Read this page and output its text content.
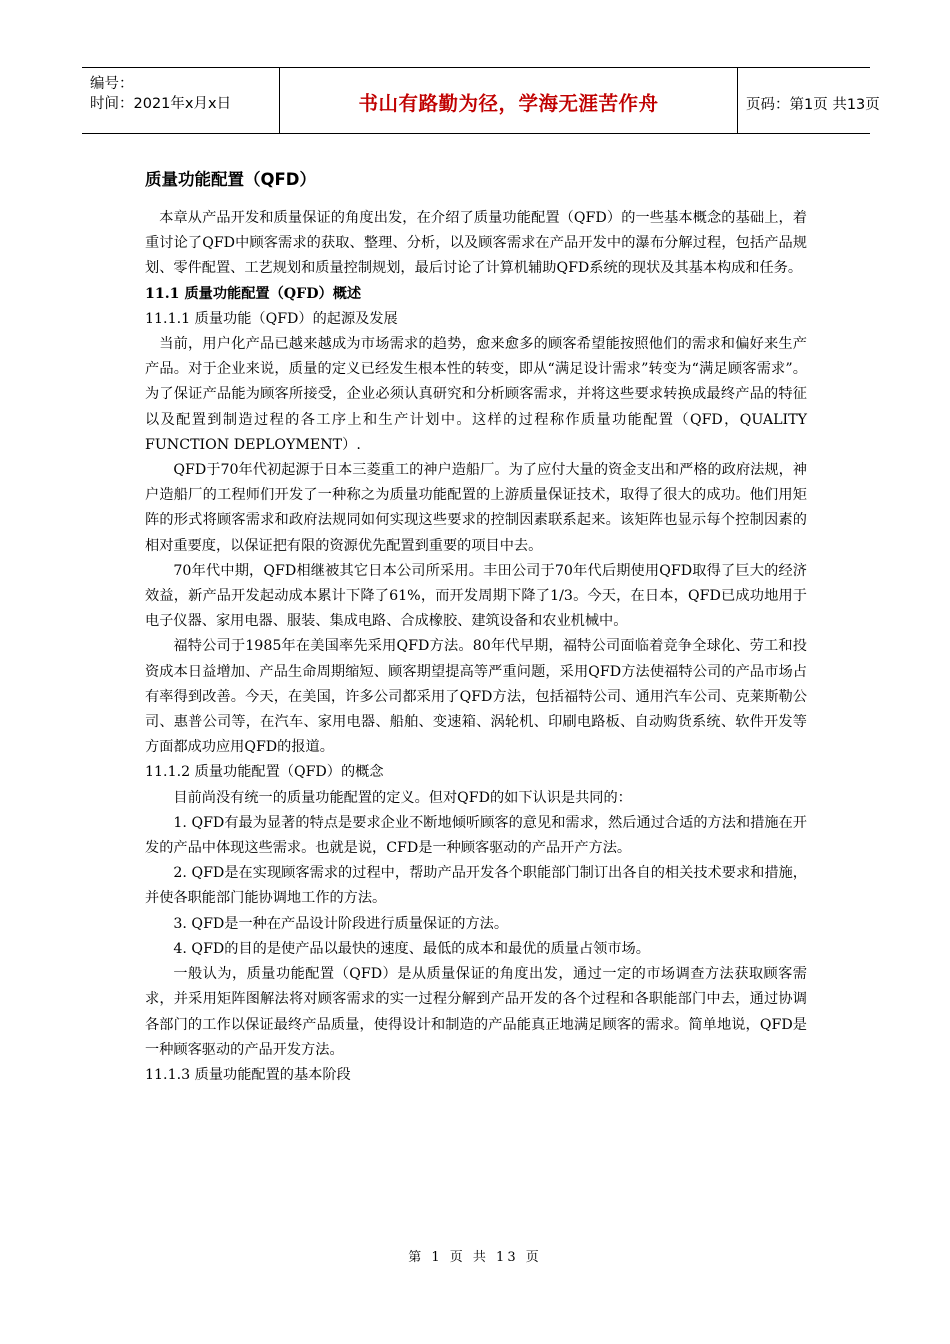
编号：
时间：2021年x月x日	书山有路勤为径，学海无涯苦作舟	页码：第1页 共13页
质量功能配置（QFD）

本章从产品开发和质量保证的角度出发，在介绍了质量功能配置（QFD）的一些基本概念的基础上，着重讨论了QFD中顾客需求的获取、整理、分析，以及顾客需求在产品开发中的瀑布分解过程，包括产品规划、零件配置、工艺规划和质量控制规划，最后讨论了计算机辅助QFD系统的现状及其基本构成和任务。

11.1 质量功能配置（QFD）概述
11.1.1 质量功能（QFD）的起源及发展

当前，用户化产品已越来越成为市场需求的趋势，愈来愈多的顾客希望能按照他们的需求和偏好来生产产品。对于企业来说，质量的定义已经发生根本性的转变，即从“满足设计需求”转变为“满足顾客需求”。为了保证产品能为顾客所接受，企业必须认真研究和分析顾客需求，并将这些要求转换成最终产品的特征以及配置到制造过程的各工序上和生产计划中。这样的过程称作质量功能配置（QFD，QUALITY FUNCTION DEPLOYMENT）.

QFD于70年代初起源于日本三菱重工的神户造船厂。为了应付大量的资金支出和严格的政府法规，神户造船厂的工程师们开发了一种称之为质量功能配置的上游质量保证技术，取得了很大的成功。他们用矩阵的形式将顾客需求和政府法规同如何实现这些要求的控制因素联系起来。该矩阵也显示每个控制因素的相对重要度，以保证把有限的资源优先配置到重要的项目中去。

70年代中期，QFD相继被其它日本公司所采用。丰田公司于70年代后期使用QFD取得了巨大的经济效益，新产品开发起动成本累计下降了61%，而开发周期下降了1/3。今天，在日本，QFD已成功地用于电子仪器、家用电器、服装、集成电路、合成橡胶、建筑设备和农业机械中。

福特公司于1985年在美国率先采用QFD方法。80年代早期，福特公司面临着竞争全球化、劳工和投资成本日益增加、产品生命周期缩短、顾客期望提高等严重问题，采用QFD方法使福特公司的产品市场占有率得到改善。今天，在美国，许多公司都采用了QFD方法，包括福特公司、通用汽车公司、克莱斯勒公司、惠普公司等，在汽车、家用电器、船舶、变速箱、涡轮机、印刷电路板、自动购货系统、软件开发等方面都成功应用QFD的报道。

11.1.2 质量功能配置（QFD）的概念

目前尚没有统一的质量功能配置的定义。但对QFD的如下认识是共同的：

1. QFD有最为显著的特点是要求企业不断地倾听顾客的意见和需求，然后通过合适的方法和措施在开发的产品中体现这些需求。也就是说，CFD是一种顾客驱动的产品开产方法。

2. QFD是在实现顾客需求的过程中，帮助产品开发各个职能部门制订出各自的相关技术要求和措施，并使各职能部门能协调地工作的方法。

3. QFD是一种在产品设计阶段进行质量保证的方法。

4. QFD的目的是使产品以最快的速度、最低的成本和最优的质量占领市场。

一般认为，质量功能配置（QFD）是从质量保证的角度出发，通过一定的市场调查方法获取顾客需求，并采用矩阵图解法将对顾客需求的实一过程分解到产品开发的各个过程和各职能部门中去，通过协调各部门的工作以保证最终产品质量，使得设计和制造的产品能真正地满足顾客的需求。简单地说，QFD是一种顾客驱动的产品开发方法。

11.1.3 质量功能配置的基本阶段
第 1 页 共 13 页
